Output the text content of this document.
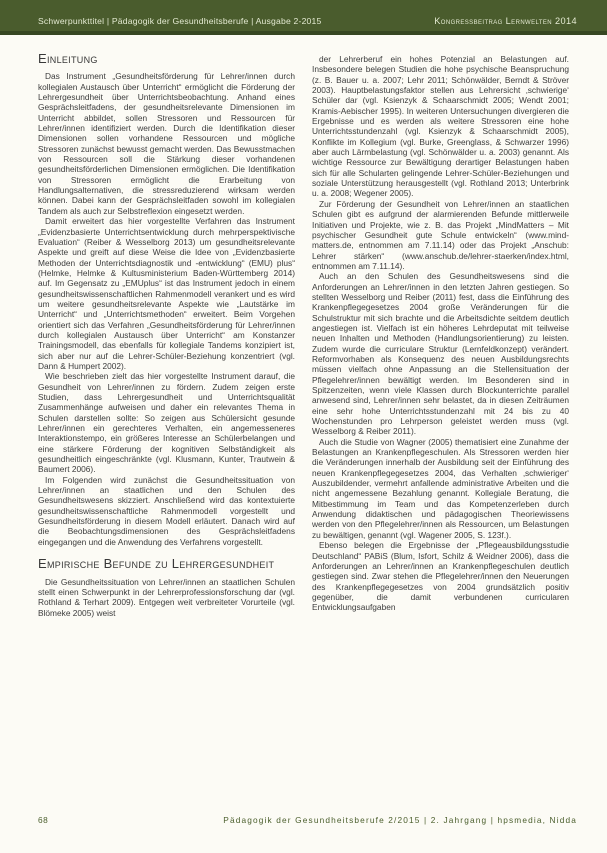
Schwerpunkttitel | Pädagogik der Gesundheitsberufe | Ausgabe 2-2015	Kongressbeitrag Lernwelten 2014
Einleitung

Das Instrument „Gesundheitsförderung für Lehrer/innen durch kollegialen Austausch über Unterricht“ ermöglicht die Förderung der Lehrergesundheit über Unterrichtsbeobachtung. Anhand eines Gesprächsleitfadens, der gesundheitsrelevante Dimensionen im Unterricht abbildet, sollen Stressoren und Ressourcen für Lehrer/innen identifiziert werden. Durch die Identifikation dieser Dimensionen sollen vorhandene Ressourcen und mögliche Stressoren zunächst bewusst gemacht werden. Das Bewusstmachen von Ressourcen soll die Stärkung dieser vorhandenen gesundheitsförderlichen Dimensionen ermöglichen. Die Identifikation von Stressoren ermöglicht die Erarbeitung von Handlungsalternativen, die stressreduzierend wirksam werden können. Dabei kann der Gesprächsleitfaden sowohl im kollegialen Tandem als auch zur Selbstreflexion eingesetzt werden.

Damit erweitert das hier vorgestellte Verfahren das Instrument „Evidenzbasierte Unterrichtsentwicklung durch mehrperspektivische Evaluation“ (Reiber & Wesselborg 2013) um gesundheitsrelevante Aspekte und greift auf diese Weise die Idee von „Evidenzbasierte Methoden der Unterrichtsdiagnostik und -entwicklung“ (EMU) plus“ (Helmke, Helmke & Kultusministerium Baden-Württemberg 2014) auf. Im Gegensatz zu „EMUplus“ ist das Instrument jedoch in einem gesundheitswissenschaftlichen Rahmenmodell verankert und es wird um weitere gesundheitsrelevante Aspekte wie „Lautstärke im Unterricht“ und „Unterrichtsmethoden“ erweitert. Beim Vorgehen orientiert sich das Verfahren „Gesundheitsförderung für Lehrer/innen durch kollegialen Austausch über Unterricht“ am Konstanzer Trainingsmodell, das ebenfalls für kollegiale Tandems konzipiert ist, sich aber nur auf die Lehrer-Schüler-Beziehung konzentriert (vgl. Dann & Humpert 2002).

Wie beschrieben zielt das hier vorgestellte Instrument darauf, die Gesundheit von Lehrer/innen zu fördern. Zudem zeigen erste Studien, dass Lehrergesundheit und Unterrichtsqualität Zusammenhänge aufweisen und daher ein relevantes Thema in Schulen darstellen sollte: So zeigen aus Schülersicht gesunde Lehrer/innen ein gerechteres Verhalten, ein angemesseneres Interaktionstempo, ein größeres Interesse an Schülerbelangen und eine stärkere Förderung der kognitiven Selbständigkeit als gesundheitlich eingeschränkte (vgl. Klusmann, Kunter, Trautwein & Baumert 2006).

Im Folgenden wird zunächst die Gesundheitssituation von Lehrer/innen an staatlichen und den Schulen des Gesundheitswesens skizziert. Anschließend wird das kontextuierte gesundheitswissenschaftliche Rahmenmodell vorgestellt und Gesundheitsförderung in diesem Modell erläutert. Danach wird auf die Beobachtungsdimensionen des Gesprächsleitfadens eingegangen und die Anwendung des Verfahrens vorgestellt.

Empirische Befunde zu Lehrergesundheit

Die Gesundheitssituation von Lehrer/innen an staatlichen Schulen stellt einen Schwerpunkt in der Lehrerprofessionsforschung dar (vgl. Rothland & Terhart 2009). Entgegen weit verbreiteter Vorurteile (vgl. Blömeke 2005) weist

der Lehrerberuf ein hohes Potenzial an Belastungen auf. Insbesondere belegen Studien die hohe psychische Beanspruchung (z. B. Bauer u. a. 2007; Lehr 2011; Schönwälder, Berndt & Ströver 2003). Hauptbelastungsfaktor stellen aus Lehrersicht ‚schwierige‘ Schüler dar (vgl. Ksienzyk & Schaarschmidt 2005; Wendt 2001; Kramis-Aebischer 1995). In weiteren Untersuchungen divergieren die Ergebnisse und es werden als weitere Stressoren eine hohe Unterrichtsstundenzahl (vgl. Ksienzyk & Schaarschmidt 2005), Konflikte im Kollegium (vgl. Burke, Greenglass, & Schwarzer 1996) aber auch Lärmbelastung (vgl. Schönwälder u. a. 2003) genannt. Als wichtige Ressource zur Bewältigung derartiger Belastungen haben sich für alle Schularten gelingende Lehrer-Schüler-Beziehungen und soziale Unterstützung herausgestellt (vgl. Rothland 2013; Unterbrink u. a. 2008; Wegener 2005).

Zur Förderung der Gesundheit von Lehrer/innen an staatlichen Schulen gibt es aufgrund der alarmierenden Befunde mittlerweile Initiativen und Projekte, wie z. B. das Projekt „MindMatters – Mit psychischer Gesundheit gute Schule entwickeln“ (www.mind-matters.de, entnommen am 7.11.14) oder das Projekt „Anschub: Lehrer stärken“ (www.anschub.de/lehrer-staerken/index.html, entnommen am 7.11.14).

Auch an den Schulen des Gesundheitswesens sind die Anforderungen an Lehrer/innen in den letzten Jahren gestiegen. So stellten Wesselborg und Reiber (2011) fest, dass die Einführung des Krankenpflegegesetzes 2004 große Veränderungen für die Schulstruktur mit sich brachte und die Arbeitsdichte seitdem deutlich angestiegen ist. Vielfach ist ein höheres Lehrdeputat mit teilweise neuen Inhalten und Methoden (Handlungsorientierung) zu leisten. Zudem wurde die curriculare Struktur (Lernfeldkonzept) verändert. Reformvorhaben als Konsequenz des neuen Ausbildungsrechts müssen vielfach ohne Anpassung an die Stellensituation der Pflegelehrer/innen bewältigt werden. Im Besonderen sind in Spitzenzeiten, wenn viele Klassen durch Blockunterrichte parallel anwesend sind, Lehrer/innen sehr belastet, da in diesen Zeiträumen eine sehr hohe Unterrichtsstundenzahl mit 24 bis zu 40 Wochenstunden pro Lehrperson geleistet werden muss (vgl. Wesselborg & Reiber 2011).

Auch die Studie von Wagner (2005) thematisiert eine Zunahme der Belastungen an Krankenpflegeschulen. Als Stressoren werden hier die Veränderungen innerhalb der Ausbildung seit der Einführung des neuen Krankenpflegegesetzes 2004, das Verhalten ‚schwieriger‘ Auszubildender, vermehrt anfallende administrative Arbeiten und die nicht angemessene Bezahlung genannt. Kollegiale Beratung, die Mitbestimmung im Team und das Kompetenzerleben durch Anwendung didaktischen und pädagogischen Theoriewissens werden von den Pflegelehrer/innen als Ressourcen, um Belastungen zu bewältigen, genannt (vgl. Wagener 2005, S. 123f.).

Ebenso belegen die Ergebnisse der „Pflegeausbildungsstudie Deutschland“ PABiS (Blum, Isfort, Schilz & Weidner 2006), dass die Anforderungen an Lehrer/innen an Krankenpflegeschulen deutlich gestiegen sind. Zwar stehen die Pflegelehrer/innen den Neuerungen des Krankenpflegegesetzes von 2004 grundsätzlich positiv gegenüber, die damit verbundenen curricularen Entwicklungsaufgaben

68	Pädagogik der Gesundheitsberufe 2/2015 | 2. Jahrgang | hpsmedia, Nidda
